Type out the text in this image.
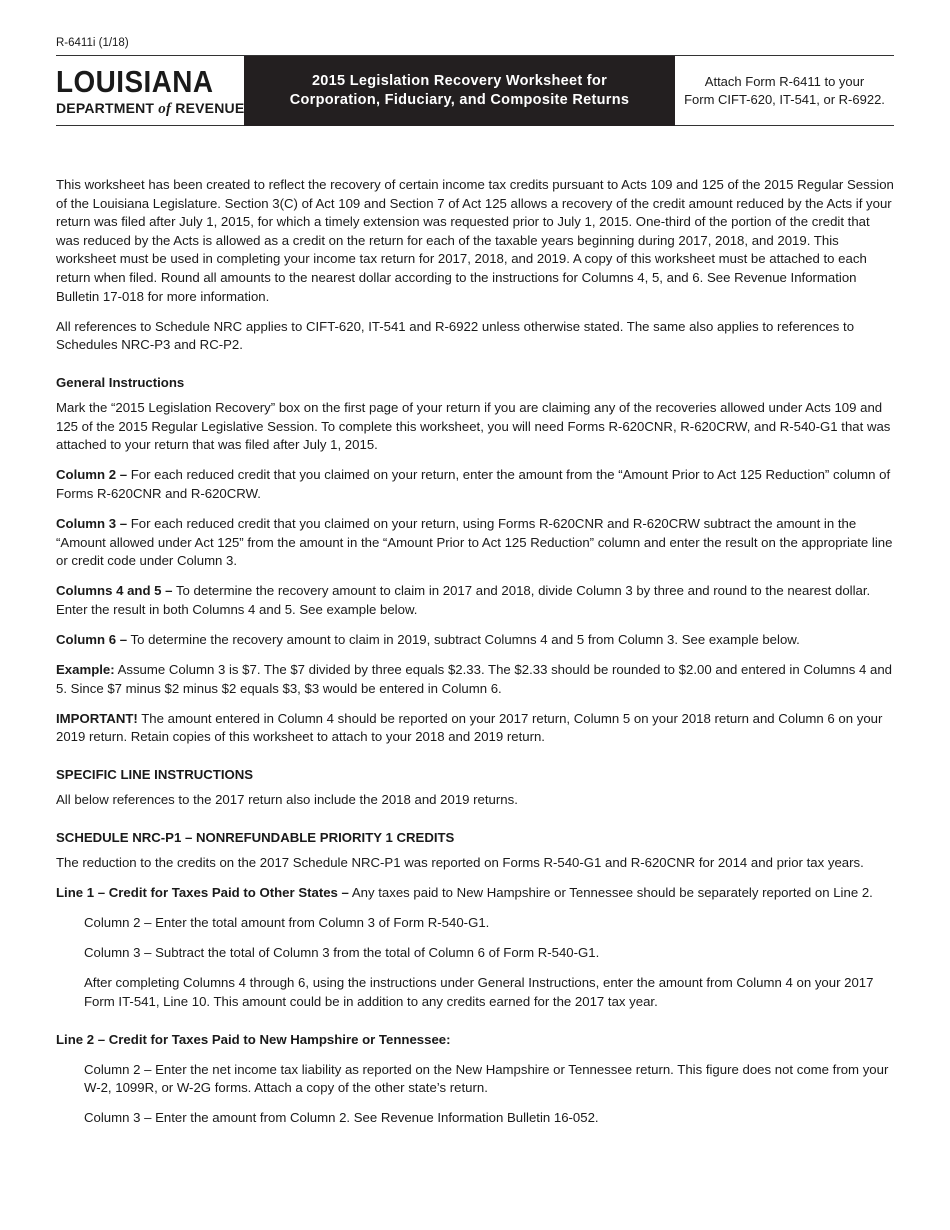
R-6411i (1/18)
LOUISIANA
DEPARTMENT of REVENUE
2015 Legislation Recovery Worksheet for
Corporation, Fiduciary, and Composite Returns
Attach Form R-6411 to your
Form CIFT-620, IT-541, or R-6922.

This worksheet has been created to reflect the recovery of certain income tax credits pursuant to Acts 109 and 125 of the 2015 Regular Session of the Louisiana Legislature. Section 3(C) of Act 109 and Section 7 of Act 125 allows a recovery of the credit amount reduced by the Acts if your return was filed after July 1, 2015, for which a timely extension was requested prior to July 1, 2015. One-third of the portion of the credit that was reduced by the Acts is allowed as a credit on the return for each of the taxable years beginning during 2017, 2018, and 2019. This worksheet must be used in completing your income tax return for 2017, 2018, and 2019. A copy of this worksheet must be attached to each return when filed. Round all amounts to the nearest dollar according to the instructions for Columns 4, 5, and 6. See Revenue Information Bulletin 17-018 for more information.

All references to Schedule NRC applies to CIFT-620, IT-541 and R-6922 unless otherwise stated. The same also applies to references to Schedules NRC-P3 and RC-P2.

General Instructions

Mark the “2015 Legislation Recovery” box on the first page of your return if you are claiming any of the recoveries allowed under Acts 109 and 125 of the 2015 Regular Legislative Session. To complete this worksheet, you will need Forms R-620CNR, R-620CRW, and R-540-G1 that was attached to your return that was filed after July 1, 2015.

Column 2 – For each reduced credit that you claimed on your return, enter the amount from the “Amount Prior to Act 125 Reduction” column of Forms R-620CNR and R-620CRW.

Column 3 – For each reduced credit that you claimed on your return, using Forms R-620CNR and R-620CRW subtract the amount in the “Amount allowed under Act 125” from the amount in the “Amount Prior to Act 125 Reduction” column and enter the result on the appropriate line or credit code under Column 3.

Columns 4 and 5 – To determine the recovery amount to claim in 2017 and 2018, divide Column 3 by three and round to the nearest dollar. Enter the result in both Columns 4 and 5. See example below.

Column 6 – To determine the recovery amount to claim in 2019, subtract Columns 4 and 5 from Column 3. See example below.

Example: Assume Column 3 is $7. The $7 divided by three equals $2.33. The $2.33 should be rounded to $2.00 and entered in Columns 4 and 5. Since $7 minus $2 minus $2 equals $3, $3 would be entered in Column 6.

IMPORTANT! The amount entered in Column 4 should be reported on your 2017 return, Column 5 on your 2018 return and Column 6 on your 2019 return. Retain copies of this worksheet to attach to your 2018 and 2019 return.

SPECIFIC LINE INSTRUCTIONS

All below references to the 2017 return also include the 2018 and 2019 returns.

SCHEDULE NRC-P1 – NONREFUNDABLE PRIORITY 1 CREDITS

The reduction to the credits on the 2017 Schedule NRC-P1 was reported on Forms R-540-G1 and R-620CNR for 2014 and prior tax years.

Line 1 – Credit for Taxes Paid to Other States – Any taxes paid to New Hampshire or Tennessee should be separately reported on Line 2.

Column 2 – Enter the total amount from Column 3 of Form R-540-G1.

Column 3 – Subtract the total of Column 3 from the total of Column 6 of Form R-540-G1.

After completing Columns 4 through 6, using the instructions under General Instructions, enter the amount from Column 4 on your 2017 Form IT-541, Line 10. This amount could be in addition to any credits earned for the 2017 tax year.

Line 2 – Credit for Taxes Paid to New Hampshire or Tennessee:

Column 2 – Enter the net income tax liability as reported on the New Hampshire or Tennessee return. This figure does not come from your W-2, 1099R, or W-2G forms. Attach a copy of the other state’s return.

Column 3 – Enter the amount from Column 2. See Revenue Information Bulletin 16-052.
